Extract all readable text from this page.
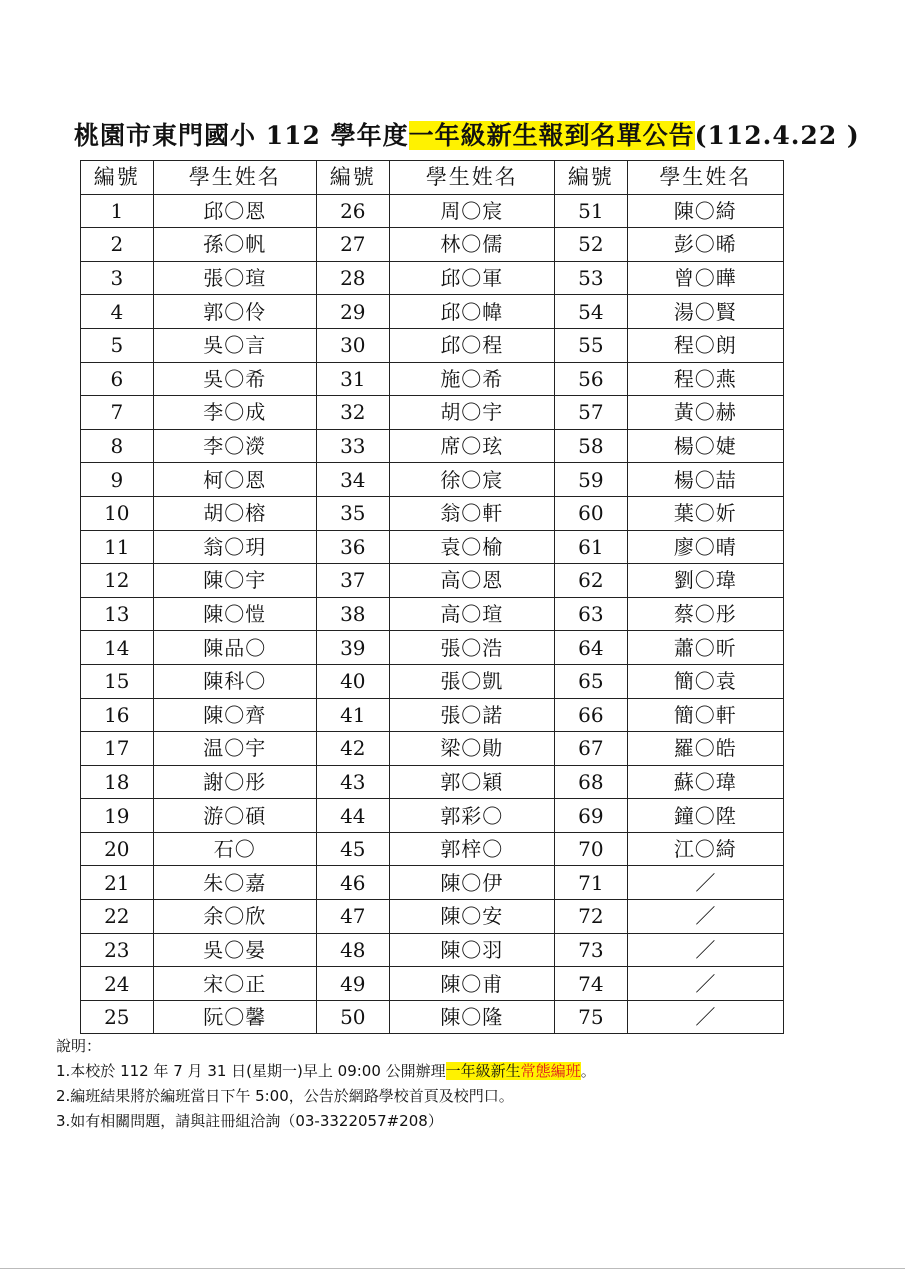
桃園市東門國小 112 學年度一年級新生報到名單公告(112.4.22 )
編號	學生姓名	編號	學生姓名	編號	學生姓名
1	邱〇恩	26	周〇宸	51	陳〇綺
2	孫〇帆	27	林〇儒	52	彭〇晞
3	張〇瑄	28	邱〇軍	53	曾〇曄
4	郭〇伶	29	邱〇幃	54	湯〇賢
5	吳〇言	30	邱〇程	55	程〇朗
6	吳〇希	31	施〇希	56	程〇燕
7	李〇成	32	胡〇宇	57	黃〇赫
8	李〇濙	33	席〇玹	58	楊〇婕
9	柯〇恩	34	徐〇宸	59	楊〇喆
10	胡〇榕	35	翁〇軒	60	葉〇妡
11	翁〇玥	36	袁〇榆	61	廖〇晴
12	陳〇宇	37	高〇恩	62	劉〇瑋
13	陳〇愷	38	高〇瑄	63	蔡〇彤
14	陳品〇	39	張〇浩	64	蕭〇昕
15	陳科〇	40	張〇凱	65	簡〇袁
16	陳〇齊	41	張〇諾	66	簡〇軒
17	温〇宇	42	梁〇勛	67	羅〇皓
18	謝〇彤	43	郭〇穎	68	蘇〇瑋
19	游〇碩	44	郭彩〇	69	鐘〇陞
20	石〇	45	郭梓〇	70	江〇綺
21	朱〇嘉	46	陳〇伊	71	／
22	余〇欣	47	陳〇安	72	／
23	吳〇晏	48	陳〇羽	73	／
24	宋〇正	49	陳〇甫	74	／
25	阮〇馨	50	陳〇隆	75	／
說明：
1.本校於 112 年 7 月 31 日(星期一)早上 09:00 公開辦理一年級新生常態編班。
2.編班結果將於編班當日下午 5:00，公告於網路學校首頁及校門口。
3.如有相關問題，請與註冊組洽詢（03-3322057#208）
